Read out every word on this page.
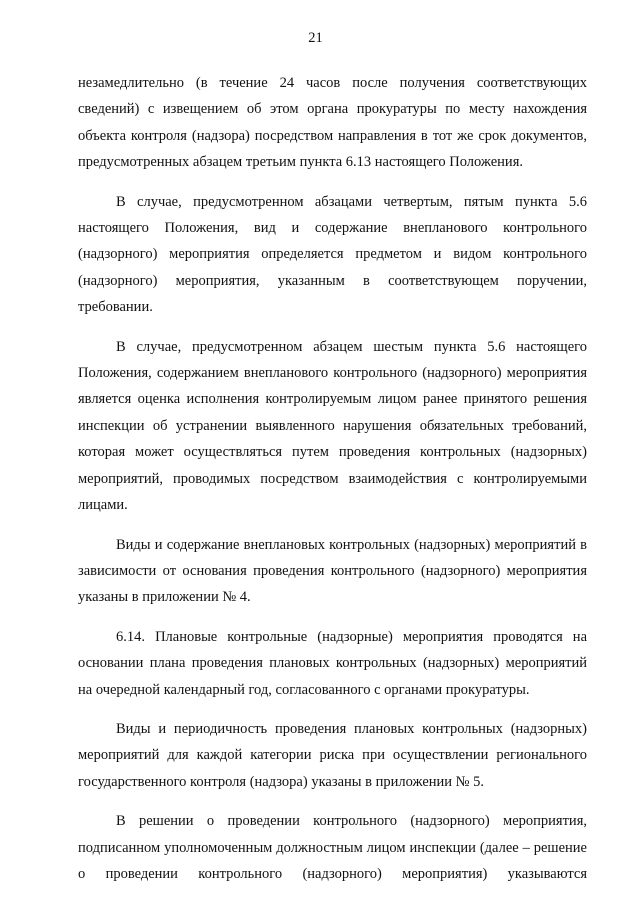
21

незамедлительно (в течение 24 часов после получения соответствующих сведений) с извещением об этом органа прокуратуры по месту нахождения объекта контроля (надзора) посредством направления в тот же срок документов, предусмотренных абзацем третьим пункта 6.13 настоящего Положения.

В случае, предусмотренном абзацами четвертым, пятым пункта 5.6 настоящего Положения, вид и содержание внепланового контрольного (надзорного) мероприятия определяется предметом и видом контрольного (надзорного) мероприятия, указанным в соответствующем поручении, требовании.

В случае, предусмотренном абзацем шестым пункта 5.6 настоящего Положения, содержанием внепланового контрольного (надзорного) мероприятия является оценка исполнения контролируемым лицом ранее принятого решения инспекции об устранении выявленного нарушения обязательных требований, которая может осуществляться путем проведения контрольных (надзорных) мероприятий, проводимых посредством взаимодействия с контролируемыми лицами.

Виды и содержание внеплановых контрольных (надзорных) мероприятий в зависимости от основания проведения контрольного (надзорного) мероприятия указаны в приложении № 4.

6.14. Плановые контрольные (надзорные) мероприятия проводятся на основании плана проведения плановых контрольных (надзорных) мероприятий на очередной календарный год, согласованного с органами прокуратуры.

Виды и периодичность проведения плановых контрольных (надзорных) мероприятий для каждой категории риска при осуществлении регионального государственного контроля (надзора) указаны в приложении № 5.

В решении о проведении контрольного (надзорного) мероприятия, подписанном уполномоченным должностным лицом инспекции (далее – решение о проведении контрольного (надзорного) мероприятия) указываются
